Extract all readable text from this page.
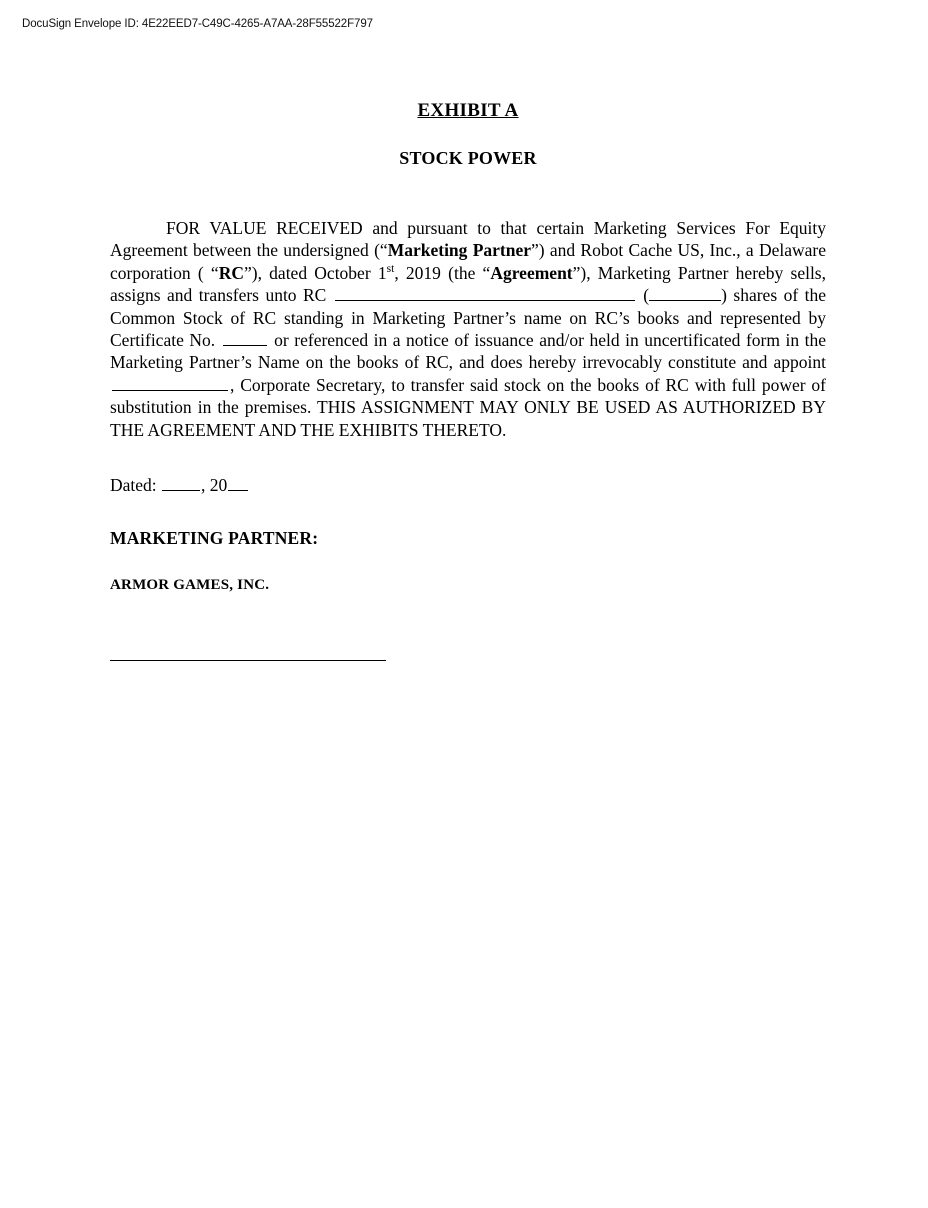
DocuSign Envelope ID: 4E22EED7-C49C-4265-A7AA-28F55522F797
EXHIBIT A
STOCK POWER

FOR VALUE RECEIVED and pursuant to that certain Marketing Services For Equity Agreement between the undersigned (“Marketing Partner”) and Robot Cache US, Inc., a Delaware corporation ( “RC”), dated October 1st, 2019 (the “Agreement”), Marketing Partner hereby sells, assigns and transfers unto RC	(	) shares of the Common Stock of RC standing in Marketing Partner’s name on RC’s books and represented by Certificate No.	or referenced in a notice of issuance and/or held in uncertificated form in the Marketing Partner’s Name on the books of RC, and does hereby irrevocably constitute and appoint , Corporate Secretary, to transfer said stock on the books of RC with full power of substitution in the premises. THIS ASSIGNMENT MAY ONLY BE USED AS AUTHORIZED BY THE AGREEMENT AND THE EXHIBITS THERETO.

Dated: , 20

MARKETING PARTNER:

ARMOR GAMES, INC.
